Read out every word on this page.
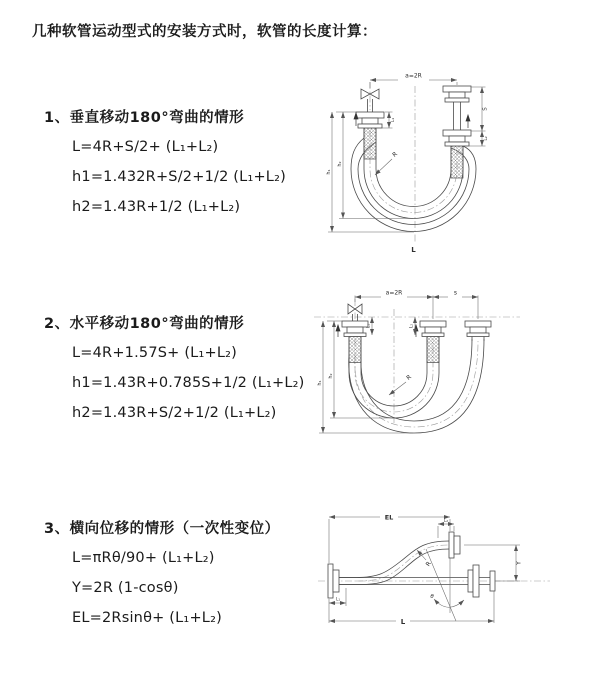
几种软管运动型式的安装方式时，软管的长度计算：
1、垂直移动180°弯曲的情形
L=4R+S/2+ (L₁+L₂)
h1=1.432R+S/2+1/2 (L₁+L₂)
h2=1.43R+1/2 (L₁+L₂)
a=2R
S
L₂
L₁
h₁
h₂
R
L
2、水平移动180°弯曲的情形
L=4R+1.57S+ (L₁+L₂)
h1=1.43R+0.785S+1/2 (L₁+L₂)
h2=1.43R+S/2+1/2 (L₁+L₂)
a=2R	s
h₁
h₂
L₁	L₂
R
3、横向位移的情形（一次性变位）
L=πRθ/90+ (L₁+L₂)
Y=2R (1-cosθ)
EL=2Rsinθ+ (L₁+L₂)
EL	L₂
Y
L₁
L
R
θ
